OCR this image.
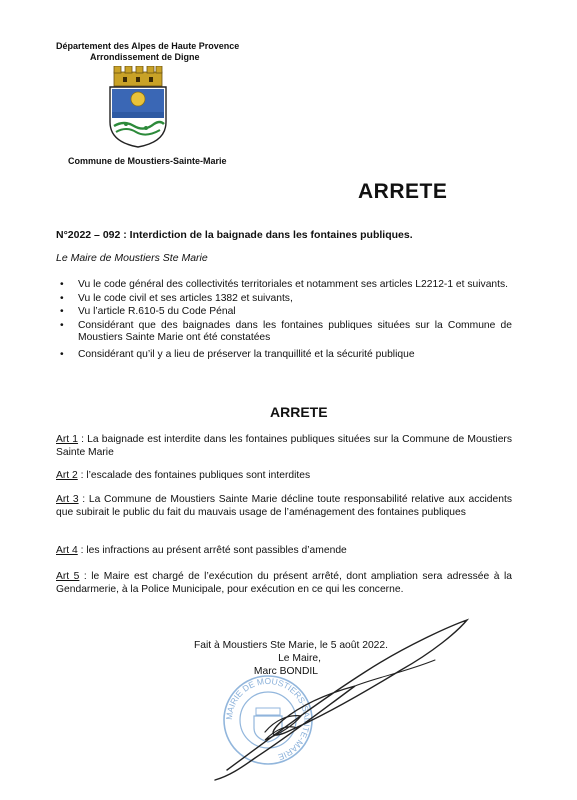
Département des Alpes de Haute Provence
Arrondissement de Digne
Commune de Moustiers-Sainte-Marie
ARRETE
N°2022 – 092 : Interdiction de la baignade dans les fontaines publiques.
Le Maire de Moustiers Ste Marie
• Vu le code général des collectivités territoriales et notamment ses articles L2212-1 et suivants.
• Vu le code civil et ses articles 1382 et suivants,
• Vu l’article R.610-5 du Code Pénal
• Considérant que des baignades dans les fontaines publiques situées sur la Commune de Moustiers Sainte Marie ont été constatées
• Considérant qu’il y a lieu de préserver la tranquillité et la sécurité publique
ARRETE
Art 1 : La baignade est interdite dans les fontaines publiques situées sur la Commune de Moustiers Sainte Marie
Art 2 : l’escalade des fontaines publiques sont interdites
Art 3 : La Commune de Moustiers Sainte Marie décline toute responsabilité relative aux accidents que subirait le public du fait du mauvais usage de l’aménagement des fontaines publiques
Art 4 : les infractions au présent arrêté sont passibles d’amende
Art 5 : le Maire est chargé de l’exécution du présent arrêté, dont ampliation sera adressée à la Gendarmerie, à la Police Municipale, pour exécution en ce qui les concerne.
Fait à Moustiers Ste Marie, le 5 août 2022.
Le Maire,
Marc BONDIL
MAIRIE DE MOUSTIERS-SAINTE-MARIE
